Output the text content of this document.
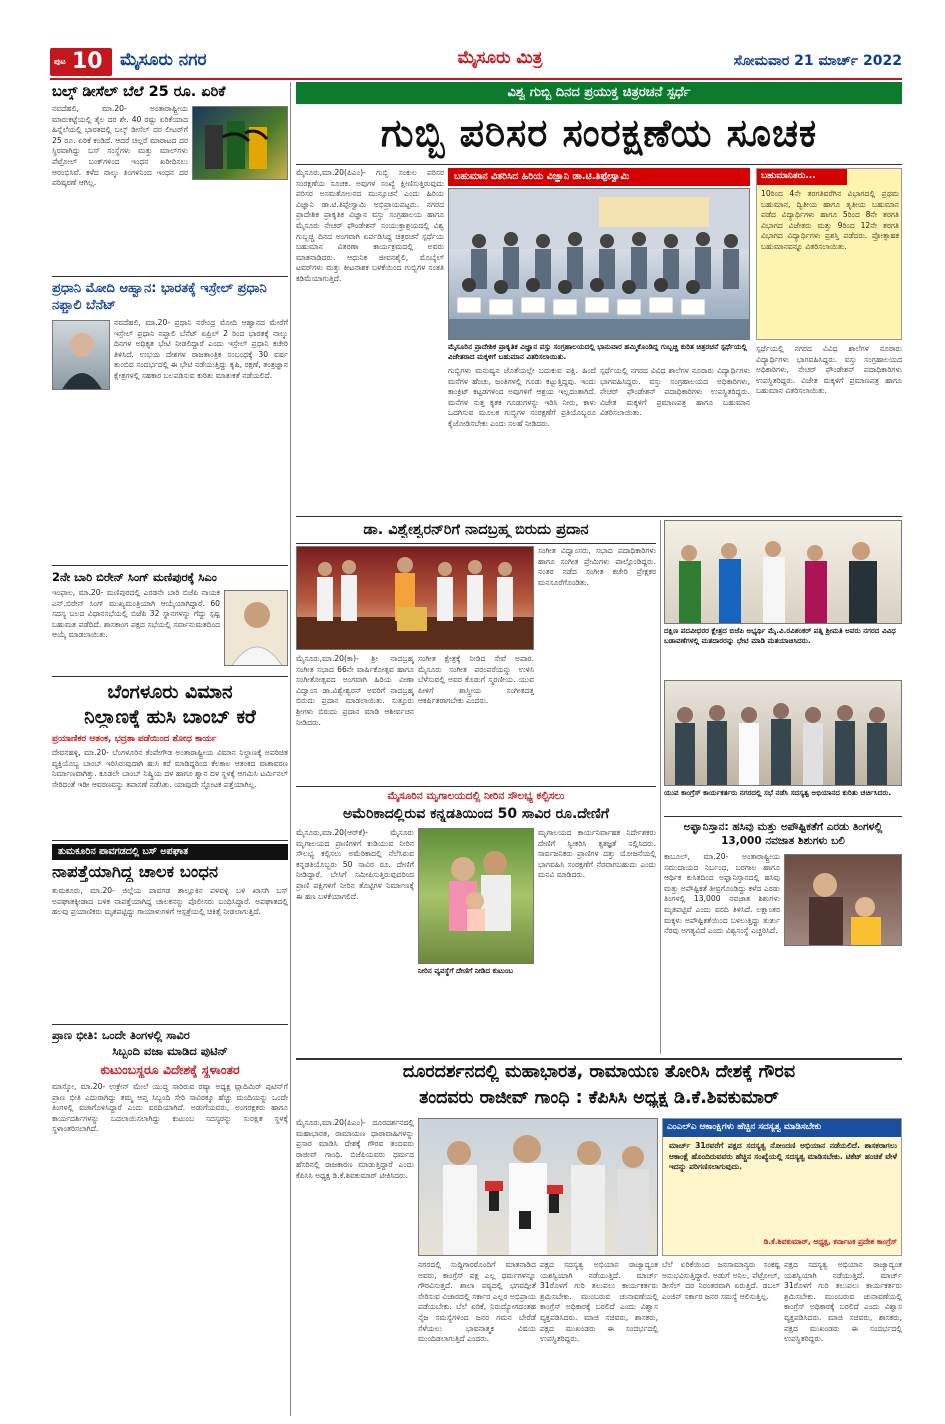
ಪುಟ 10 ಮೈಸೂರು ನಗರ	ಮೈಸೂರು ಮಿತ್ರ	ಸೋಮವಾರ 21 ಮಾರ್ಚ್ 2022
ಬಲ್ಕ್ ಡೀಸೆಲ್ ಬೆಲೆ 25 ರೂ. ಏರಿಕೆ
ನವದೆಹಲಿ, ಮಾ.20- ಅಂತಾರಾಷ್ಟ್ರೀಯ ಮಾರುಕಟ್ಟೆಯಲ್ಲಿ ತೈಲ ದರ ಶೇ. 40 ರಷ್ಟು ಏರಿಕೆಯಾದ ಹಿನ್ನೆಲೆಯಲ್ಲಿ ಭಾರತದಲ್ಲಿ ಬಲ್ಕ್ ಡೀಸೆಲ್ ದರ ಲೀಟರ್‌ಗೆ 25 ರೂ. ಏರಿಕೆ ಕಂಡಿದೆ. ಆದರೆ ಚಿಲ್ಲರೆ ಮಾರಾಟದ ದರ ಸ್ಥಿರವಾಗಿದ್ದು ಬಸ್ ಸಂಸ್ಥೆಗಳು ಮತ್ತು ಮಾಲ್‌ಗಳು ಪೆಟ್ರೋಲ್ ಬಂಕ್‌ಗಳಿಂದ ಇಂಧನ ಖರೀದಿಸಲು ಆರಂಭಿಸಿವೆ. ಕಳೆದ ನಾಲ್ಕು ತಿಂಗಳಿನಿಂದ ಇಂಧನ ದರ ಪರಿಷ್ಕರಣೆ ಆಗಿಲ್ಲ.
ಪ್ರಧಾನಿ ಮೋದಿ ಆಹ್ವಾನ: ಭಾರತಕ್ಕೆ ಇಸ್ರೇಲ್ ಪ್ರಧಾನಿ ನಫ್ತಾಲಿ ಬೆನೆಟ್
ನವದೆಹಲಿ, ಮಾ.20- ಪ್ರಧಾನಿ ನರೇಂದ್ರ ಮೋದಿ ಆಹ್ವಾನದ ಮೇರೆಗೆ ಇಸ್ರೇಲ್ ಪ್ರಧಾನಿ ನಫ್ತಾಲಿ ಬೆನೆಟ್ ಏಪ್ರಿಲ್ 2 ರಿಂದ ಭಾರತಕ್ಕೆ ನಾಲ್ಕು ದಿನಗಳ ಅಧಿಕೃತ ಭೇಟಿ ನೀಡಲಿದ್ದಾರೆ ಎಂದು ಇಸ್ರೇಲ್ ಪ್ರಧಾನಿ ಕಚೇರಿ ತಿಳಿಸಿದೆ. ಉಭಯ ದೇಶಗಳ ರಾಜತಾಂತ್ರಿಕ ಸಂಬಂಧಕ್ಕೆ 30 ವರ್ಷ ತುಂಬಿದ ಸಂದರ್ಭದಲ್ಲಿ ಈ ಭೇಟಿ ನಡೆಯುತ್ತಿದ್ದು ಕೃಷಿ, ರಕ್ಷಣೆ, ತಂತ್ರಜ್ಞಾನ ಕ್ಷೇತ್ರಗಳಲ್ಲಿ ಸಹಕಾರ ಬಲಪಡಿಸುವ ಕುರಿತು ಮಾತುಕತೆ ನಡೆಯಲಿದೆ.
2ನೇ ಬಾರಿ ಬಿರೇನ್ ಸಿಂಗ್ ಮಣಿಪುರಕ್ಕೆ ಸಿಎಂ
ಇಂಫಾಲ, ಮಾ.20- ಮಣಿಪುರದಲ್ಲಿ ಎರಡನೇ ಬಾರಿ ಬಿಜೆಪಿ ನಾಯಕ ಎನ್.ಬಿರೇನ್ ಸಿಂಗ್ ಮುಖ್ಯಮಂತ್ರಿಯಾಗಿ ಆಯ್ಕೆಯಾಗಿದ್ದಾರೆ. 60 ಸದಸ್ಯ ಬಲದ ವಿಧಾನಸಭೆಯಲ್ಲಿ ಬಿಜೆಪಿ 32 ಸ್ಥಾನಗಳನ್ನು ಗೆದ್ದು ಸ್ಪಷ್ಟ ಬಹುಮತ ಪಡೆದಿದೆ. ಶಾಸಕಾಂಗ ಪಕ್ಷದ ಸಭೆಯಲ್ಲಿ ಸರ್ವಾನುಮತದಿಂದ ಆಯ್ಕೆ ಮಾಡಲಾಯಿತು.
ಬೆಂಗಳೂರು ವಿಮಾನ
ನಿಲ್ದಾಣಕ್ಕೆ ಹುಸಿ ಬಾಂಬ್ ಕರೆ
ಪ್ರಯಾಣಿಕರ ಆತಂಕ, ಭದ್ರತಾ ಪಡೆಯಿಂದ ಶೋಧ ಕಾರ್ಯ
ದೇವನಹಳ್ಳಿ, ಮಾ.20- ಬೆಂಗಳೂರಿನ ಕೆಂಪೇಗೌಡ ಅಂತಾರಾಷ್ಟ್ರೀಯ ವಿಮಾನ ನಿಲ್ದಾಣಕ್ಕೆ ಅಪರಿಚಿತ ವ್ಯಕ್ತಿಯೊಬ್ಬ ಬಾಂಬ್ ಇರಿಸಿರುವುದಾಗಿ ಹುಸಿ ಕರೆ ಮಾಡಿದ್ದರಿಂದ ಕೆಲಕಾಲ ಆತಂಕದ ವಾತಾವರಣ ನಿರ್ಮಾಣವಾಗಿತ್ತು. ಕೂಡಲೇ ಬಾಂಬ್ ನಿಷ್ಕ್ರಿಯ ದಳ ಹಾಗೂ ಶ್ವಾನ ದಳ ಸ್ಥಳಕ್ಕೆ ಆಗಮಿಸಿ ಟರ್ಮಿನಲ್ ಸೇರಿದಂತೆ ಇಡೀ ಆವರಣವನ್ನು ತಪಾಸಣೆ ನಡೆಸಿತು. ಯಾವುದೇ ಸ್ಫೋಟಕ ಪತ್ತೆಯಾಗಿಲ್ಲ.
ತುಮಕೂರಿನ ಪಾವಗಡದಲ್ಲಿ ಬಸ್ ಅಪಘಾತ
ನಾಪತ್ತೆಯಾಗಿದ್ದ ಚಾಲಕ ಬಂಧನ
ತುಮಕೂರು, ಮಾ.20- ಜಿಲ್ಲೆಯ ಪಾವಗಡ ತಾಲ್ಲೂಕಿನ ಪಳವಳ್ಳಿ ಬಳಿ ಖಾಸಗಿ ಬಸ್ ಅಪಘಾತಕ್ಕೀಡಾದ ಬಳಿಕ ನಾಪತ್ತೆಯಾಗಿದ್ದ ಚಾಲಕನನ್ನು ಪೊಲೀಸರು ಬಂಧಿಸಿದ್ದಾರೆ. ಅಪಘಾತದಲ್ಲಿ ಹಲವು ಪ್ರಯಾಣಿಕರು ಮೃತಪಟ್ಟಿದ್ದು ಗಾಯಾಳುಗಳಿಗೆ ಆಸ್ಪತ್ರೆಯಲ್ಲಿ ಚಿಕಿತ್ಸೆ ನೀಡಲಾಗುತ್ತಿದೆ.
ಪ್ರಾಣ ಭೀತಿ: ಒಂದೇ ತಿಂಗಳಲ್ಲಿ ಸಾವಿರ
ಸಿಬ್ಬಂದಿ ವಜಾ ಮಾಡಿದ ಪುಟಿನ್
ಕುಟುಂಬಸ್ಥರೂ ವಿದೇಶಕ್ಕೆ ಸ್ಥಳಾಂತರ
ಮಾಸ್ಕೋ, ಮಾ.20- ಉಕ್ರೇನ್ ಮೇಲೆ ಯುದ್ಧ ಸಾರಿರುವ ರಷ್ಯಾ ಅಧ್ಯಕ್ಷ ವ್ಲಾದಿಮಿರ್ ಪುಟಿನ್‌ಗೆ ಪ್ರಾಣ ಭೀತಿ ಎದುರಾಗಿದ್ದು ತಮ್ಮ ಆಪ್ತ ಸಿಬ್ಬಂದಿ ಸೇರಿ ಸಾವಿರಕ್ಕೂ ಹೆಚ್ಚು ಮಂದಿಯನ್ನು ಒಂದೇ ತಿಂಗಳಲ್ಲಿ ವಜಾಗೊಳಿಸಿದ್ದಾರೆ ಎಂದು ವರದಿಯಾಗಿದೆ. ಅಡುಗೆಯವರು, ಅಂಗರಕ್ಷಕರು ಹಾಗೂ ಕಾರ್ಯದರ್ಶಿಗಳನ್ನು ಬದಲಾಯಿಸಲಾಗಿದ್ದು ಕುಟುಂಬ ಸದಸ್ಯರನ್ನು ಸುರಕ್ಷಿತ ಸ್ಥಳಕ್ಕೆ ಸ್ಥಳಾಂತರಿಸಲಾಗಿದೆ.
ವಿಶ್ವ ಗುಬ್ಬಿ ದಿನದ ಪ್ರಯುಕ್ತ ಚಿತ್ರರಚನೆ ಸ್ಪರ್ಧೆ
ಗುಬ್ಬಿ ಪರಿಸರ ಸಂರಕ್ಷಣೆಯ ಸೂಚಕ
ಮೈಸೂರು,ಮಾ.20(ಪಿಎಂ)- ಗುಬ್ಬಿ ಸಂಕುಲ ಪರಿಸರ ಸಂರಕ್ಷಣೆಯ ಸೂಚಕ. ಅವುಗಳ ಸಂಖ್ಯೆ ಕ್ಷೀಣಿಸುತ್ತಿರುವುದು ಪರಿಸರ ಅಸಮತೋಲನದ ಮುನ್ಸೂಚನೆ ಎಂದು ಹಿರಿಯ ವಿಜ್ಞಾನಿ ಡಾ.ಟಿ.ತಿಪ್ಪೇಸ್ವಾಮಿ ಅಭಿಪ್ರಾಯಪಟ್ಟರು. ನಗರದ ಪ್ರಾದೇಶಿಕ ಪ್ರಾಕೃತಿಕ ವಿಜ್ಞಾನ ವಸ್ತು ಸಂಗ್ರಹಾಲಯ ಹಾಗೂ ಮೈಸೂರು ನೇಚರ್ ಫೌಂಡೇಶನ್ ಸಂಯುಕ್ತಾಶ್ರಯದಲ್ಲಿ ವಿಶ್ವ ಗುಬ್ಬಚ್ಚಿ ದಿನದ ಅಂಗವಾಗಿ ಏರ್ಪಡಿಸಿದ್ದ ಚಿತ್ರರಚನೆ ಸ್ಪರ್ಧೆಯ ಬಹುಮಾನ ವಿತರಣಾ ಕಾರ್ಯಕ್ರಮದಲ್ಲಿ ಅವರು ಮಾತನಾಡಿದರು. ಆಧುನಿಕ ಜೀವನಶೈಲಿ, ಮೊಬೈಲ್ ಟವರ್‌ಗಳು ಮತ್ತು ಕೀಟನಾಶಕ ಬಳಕೆಯಿಂದ ಗುಬ್ಬಿಗಳ ಸಂತತಿ ಕಡಿಮೆಯಾಗುತ್ತಿದೆ.
ಬಹುಮಾನ ವಿತರಿಸಿದ ಹಿರಿಯ ವಿಜ್ಞಾನಿ ಡಾ.ಟಿ.ತಿಪ್ಪೇಸ್ವಾಮಿ
ಮೈಸೂರಿನ ಪ್ರಾದೇಶಿಕ ಪ್ರಾಕೃತಿಕ ವಿಜ್ಞಾನ ವಸ್ತು ಸಂಗ್ರಹಾಲಯದಲ್ಲಿ ಭಾನುವಾರ ಹಮ್ಮಿಕೊಂಡಿದ್ದ ಗುಬ್ಬಚ್ಚಿ ಕುರಿತ ಚಿತ್ರರಚನೆ ಸ್ಪರ್ಧೆಯಲ್ಲಿ ವಿಜೇತರಾದ ಮಕ್ಕಳಿಗೆ ಬಹುಮಾನ ವಿತರಿಸಲಾಯಿತು.
ಗುಬ್ಬಿಗಳು ಮನುಷ್ಯನ ಜೊತೆಯಲ್ಲೇ ಬದುಕುವ ಪಕ್ಷಿ. ಹಿಂದೆ ಮನೆಗಳ ಹೆಂಚು, ಜಂತಿಗಳಲ್ಲಿ ಗೂಡು ಕಟ್ಟುತ್ತಿದ್ದವು. ಇಂದು ಕಾಂಕ್ರಿಟ್ ಕಟ್ಟಡಗಳಿಂದ ಅವುಗಳಿಗೆ ಆಶ್ರಯ ಇಲ್ಲದಂತಾಗಿದೆ. ಮನೆಗಳ ಸುತ್ತ ಕೃತಕ ಗೂಡುಗಳನ್ನು ಇರಿಸಿ ನೀರು, ಕಾಳು ಒದಗಿಸುವ ಮೂಲಕ ಗುಬ್ಬಿಗಳ ಸಂರಕ್ಷಣೆಗೆ ಪ್ರತಿಯೊಬ್ಬರೂ ಕೈಜೋಡಿಸಬೇಕು ಎಂದು ಸಲಹೆ ನೀಡಿದರು.
ಸ್ಪರ್ಧೆಯಲ್ಲಿ ನಗರದ ವಿವಿಧ ಶಾಲೆಗಳ ನೂರಾರು ವಿದ್ಯಾರ್ಥಿಗಳು ಭಾಗವಹಿಸಿದ್ದರು. ವಸ್ತು ಸಂಗ್ರಹಾಲಯದ ಅಧಿಕಾರಿಗಳು, ನೇಚರ್ ಫೌಂಡೇಶನ್ ಪದಾಧಿಕಾರಿಗಳು ಉಪಸ್ಥಿತರಿದ್ದರು. ವಿಜೇತ ಮಕ್ಕಳಿಗೆ ಪ್ರಮಾಣಪತ್ರ ಹಾಗೂ ಬಹುಮಾನ ವಿತರಿಸಲಾಯಿತು.
ಬಹುಮಾನಿತರು...
10ರಿಂದ 4ನೇ ತರಗತಿವರೆಗಿನ ವಿಭಾಗದಲ್ಲಿ ಪ್ರಥಮ ಬಹುಮಾನ, ದ್ವಿತೀಯ ಹಾಗೂ ತೃತೀಯ ಬಹುಮಾನ ಪಡೆದ ವಿದ್ಯಾರ್ಥಿಗಳು ಹಾಗೂ 5ರಿಂದ 8ನೇ ತರಗತಿ ವಿಭಾಗದ ವಿಜೇತರು ಮತ್ತು 9ರಿಂದ 12ನೇ ತರಗತಿ ವಿಭಾಗದ ವಿದ್ಯಾರ್ಥಿಗಳು ಪ್ರಶಸ್ತಿ ಪಡೆದರು. ಪ್ರೋತ್ಸಾಹಕ ಬಹುಮಾನವನ್ನೂ ವಿತರಿಸಲಾಯಿತು.
ಸ್ಪರ್ಧೆಯಲ್ಲಿ ನಗರದ ವಿವಿಧ ಶಾಲೆಗಳ ನೂರಾರು ವಿದ್ಯಾರ್ಥಿಗಳು ಭಾಗವಹಿಸಿದ್ದರು. ವಸ್ತು ಸಂಗ್ರಹಾಲಯದ ಅಧಿಕಾರಿಗಳು, ನೇಚರ್ ಫೌಂಡೇಶನ್ ಪದಾಧಿಕಾರಿಗಳು ಉಪಸ್ಥಿತರಿದ್ದರು. ವಿಜೇತ ಮಕ್ಕಳಿಗೆ ಪ್ರಮಾಣಪತ್ರ ಹಾಗೂ ಬಹುಮಾನ ವಿತರಿಸಲಾಯಿತು.
ಡಾ. ವಿಶ್ವೇಶ್ವರನ್‌ರಿಗೆ ನಾದಬ್ರಹ್ಮ ಬಿರುದು ಪ್ರದಾನ
ಮೈಸೂರು,ಮಾ.20(ಕಾ)- ಶ್ರೀ ನಾದಬ್ರಹ್ಮ ಸಂಗೀತ ಸಭಾದ 66ನೇ ವಾರ್ಷಿಕೋತ್ಸವ ಹಾಗೂ ಸಂಗೀತೋತ್ಸವದ ಅಂಗವಾಗಿ ಹಿರಿಯ ವೀಣಾ ವಿದ್ವಾಂಸ ಡಾ.ವಿಶ್ವೇಶ್ವರನ್ ಅವರಿಗೆ ನಾದಬ್ರಹ್ಮ ಬಿರುದು ಪ್ರದಾನ ಮಾಡಲಾಯಿತು. ಸುತ್ತೂರು ಶ್ರೀಗಳು ಬಿರುದು ಪ್ರದಾನ ಮಾಡಿ ಆಶೀರ್ವಚನ ನೀಡಿದರು.
ಸಂಗೀತ ಕ್ಷೇತ್ರಕ್ಕೆ ನೀಡಿದ ಸೇವೆ ಅಪಾರ. ಮೈಸೂರು ಸಂಗೀತ ಪರಂಪರೆಯನ್ನು ಉಳಿಸಿ ಬೆಳೆಸುವಲ್ಲಿ ಅವರ ಕೊಡುಗೆ ಸ್ಮರಣೀಯ. ಯುವ ಪೀಳಿಗೆ ಶಾಸ್ತ್ರೀಯ ಸಂಗೀತದತ್ತ ಆಕರ್ಷಿತರಾಗಬೇಕು ಎಂದರು.
ಸಂಗೀತ ವಿದ್ವಾಂಸರು, ಸಭಾದ ಪದಾಧಿಕಾರಿಗಳು ಹಾಗೂ ಸಂಗೀತ ಪ್ರೇಮಿಗಳು ಪಾಲ್ಗೊಂಡಿದ್ದರು. ನಂತರ ನಡೆದ ಸಂಗೀತ ಕಚೇರಿ ಪ್ರೇಕ್ಷಕರ ಮನಸೂರೆಗೊಂಡಿತು.
ಮೈಸೂರಿನ ಮೃಗಾಲಯದಲ್ಲಿ ನೀರಿನ ಸೌಲಭ್ಯ ಕಲ್ಪಿಸಲು
ಅಮೆರಿಕಾದಲ್ಲಿರುವ ಕನ್ನಡತಿಯಿಂದ 50 ಸಾವಿರ ರೂ.ದೇಣಿಗೆ
ಮೈಸೂರು,ಮಾ.20(ಆರ್‌ಕೆ)- ಮೈಸೂರು ಮೃಗಾಲಯದ ಪ್ರಾಣಿಗಳಿಗೆ ಕುಡಿಯುವ ನೀರಿನ ಸೌಲಭ್ಯ ಕಲ್ಪಿಸಲು ಅಮೆರಿಕಾದಲ್ಲಿ ನೆಲೆಸಿರುವ ಕನ್ನಡತಿಯೊಬ್ಬರು 50 ಸಾವಿರ ರೂ. ದೇಣಿಗೆ ನೀಡಿದ್ದಾರೆ. ಬೇಸಿಗೆ ಸಮೀಪಿಸುತ್ತಿರುವುದರಿಂದ ಪ್ರಾಣಿ ಪಕ್ಷಿಗಳಿಗೆ ನೀರಿನ ತೊಟ್ಟಿಗಳ ನಿರ್ಮಾಣಕ್ಕೆ ಈ ಹಣ ಬಳಕೆಯಾಗಲಿದೆ.
ನೀರಿನ ವ್ಯವಸ್ಥೆಗೆ ದೇಣಿಗೆ ನೀಡಿದ ಕುಟುಂಬ
ಮೃಗಾಲಯದ ಕಾರ್ಯನಿರ್ವಾಹಕ ನಿರ್ದೇಶಕರು ದೇಣಿಗೆ ಸ್ವೀಕರಿಸಿ ಕೃತಜ್ಞತೆ ಸಲ್ಲಿಸಿದರು. ಸಾರ್ವಜನಿಕರು ಪ್ರಾಣಿಗಳ ದತ್ತು ಯೋಜನೆಯಲ್ಲಿ ಭಾಗವಹಿಸಿ ಸಂರಕ್ಷಣೆಗೆ ನೆರವಾಗಬಹುದು ಎಂದು ಮನವಿ ಮಾಡಿದರು.
ದಕ್ಷಿಣ ಪದವೀಧರರ ಕ್ಷೇತ್ರದ ಬಿಜೆಪಿ ಅಭ್ಯರ್ಥಿ ಮೈ.ವಿ.ರವಿಶಂಕರ್ ಪತ್ನಿ ಶ್ರೀಮತಿ ಅವರು ನಗರದ ವಿವಿಧ ಬಡಾವಣೆಗಳಲ್ಲಿ ಮತದಾರರನ್ನು ಭೇಟಿ ಮಾಡಿ ಮತಯಾಚಿಸಿದರು.
ಯುವ ಕಾಂಗ್ರೆಸ್ ಕಾರ್ಯಕರ್ತರು ನಗರದಲ್ಲಿ ಸಭೆ ನಡೆಸಿ ಸದಸ್ಯತ್ವ ಅಭಿಯಾನದ ಕುರಿತು ಚರ್ಚಿಸಿದರು.
ಅಫ್ಘಾನಿಸ್ತಾನ: ಹಸಿವು ಮತ್ತು ಅಪೌಷ್ಟಿಕತೆಗೆ ಎರಡು ತಿಂಗಳಲ್ಲಿ 13,000 ನವಜಾತ ಶಿಶುಗಳು ಬಲಿ
ಕಾಬೂಲ್, ಮಾ.20- ಅಂತಾರಾಷ್ಟ್ರೀಯ ಸಮುದಾಯದ ನಿರ್ಬಂಧ, ಬರಗಾಲ ಹಾಗೂ ಆರ್ಥಿಕ ಕುಸಿತದಿಂದ ಅಫ್ಘಾನಿಸ್ತಾನದಲ್ಲಿ ಹಸಿವು ಮತ್ತು ಅಪೌಷ್ಟಿಕತೆ ತೀವ್ರಗೊಂಡಿದ್ದು ಕಳೆದ ಎರಡು ತಿಂಗಳಲ್ಲಿ 13,000 ನವಜಾತ ಶಿಶುಗಳು ಮೃತಪಟ್ಟಿವೆ ಎಂದು ವರದಿ ತಿಳಿಸಿದೆ. ಲಕ್ಷಾಂತರ ಮಕ್ಕಳು ಅಪೌಷ್ಟಿಕತೆಯಿಂದ ಬಳಲುತ್ತಿದ್ದು ತುರ್ತು ನೆರವು ಅಗತ್ಯವಿದೆ ಎಂದು ವಿಶ್ವಸಂಸ್ಥೆ ಎಚ್ಚರಿಸಿದೆ.
ದೂರದರ್ಶನದಲ್ಲಿ ಮಹಾಭಾರತ, ರಾಮಾಯಣ ತೋರಿಸಿ ದೇಶಕ್ಕೆ ಗೌರವ
ತಂದವರು ರಾಜೀವ್ ಗಾಂಧಿ : ಕೆಪಿಸಿಸಿ ಅಧ್ಯಕ್ಷ ಡಿ.ಕೆ.ಶಿವಕುಮಾರ್
ಮೈಸೂರು,ಮಾ.20(ಪಿಎಂ)- ದೂರದರ್ಶನದಲ್ಲಿ ಮಹಾಭಾರತ, ರಾಮಾಯಣ ಧಾರಾವಾಹಿಗಳನ್ನು ಪ್ರಸಾರ ಮಾಡಿಸಿ ದೇಶಕ್ಕೆ ಗೌರವ ತಂದವರು ರಾಜೀವ್ ಗಾಂಧಿ. ಬಿಜೆಪಿಯವರು ಧರ್ಮದ ಹೆಸರಿನಲ್ಲಿ ರಾಜಕಾರಣ ಮಾಡುತ್ತಿದ್ದಾರೆ ಎಂದು ಕೆಪಿಸಿಸಿ ಅಧ್ಯಕ್ಷ ಡಿ.ಕೆ.ಶಿವಕುಮಾರ್ ಟೀಕಿಸಿದರು.
ನಗರದಲ್ಲಿ ಸುದ್ದಿಗಾರರೊಂದಿಗೆ ಮಾತನಾಡಿದ ಅವರು, ಕಾಂಗ್ರೆಸ್ ಪಕ್ಷ ಎಲ್ಲ ಧರ್ಮಗಳನ್ನೂ ಗೌರವಿಸುತ್ತದೆ. ಶಾಲಾ ಪಠ್ಯದಲ್ಲಿ ಭಗವದ್ಗೀತೆ ಸೇರಿಸುವ ವಿಚಾರದಲ್ಲಿ ಸರ್ಕಾರ ಎಲ್ಲರ ಅಭಿಪ್ರಾಯ ಪಡೆಯಬೇಕು. ಬೆಲೆ ಏರಿಕೆ, ನಿರುದ್ಯೋಗದಂತಹ ನೈಜ ಸಮಸ್ಯೆಗಳಿಂದ ಜನರ ಗಮನ ಬೇರೆಡೆ ಸೆಳೆಯಲು ಭಾವನಾತ್ಮಕ ವಿಷಯ ಮುಂದಿಡಲಾಗುತ್ತಿದೆ ಎಂದರು.
ಪಕ್ಷದ ಸದಸ್ಯತ್ವ ಅಭಿಯಾನ ರಾಜ್ಯಾದ್ಯಂತ ಯಶಸ್ವಿಯಾಗಿ ನಡೆಯುತ್ತಿದೆ. ಮಾರ್ಚ್ 31ರೊಳಗೆ ಗುರಿ ತಲುಪಲು ಕಾರ್ಯಕರ್ತರು ಶ್ರಮಿಸಬೇಕು. ಮುಂಬರುವ ಚುನಾವಣೆಯಲ್ಲಿ ಕಾಂಗ್ರೆಸ್ ಅಧಿಕಾರಕ್ಕೆ ಬರಲಿದೆ ಎಂದು ವಿಶ್ವಾಸ ವ್ಯಕ್ತಪಡಿಸಿದರು. ಮಾಜಿ ಸಚಿವರು, ಶಾಸಕರು, ಪಕ್ಷದ ಮುಖಂಡರು ಈ ಸಂದರ್ಭದಲ್ಲಿ ಉಪಸ್ಥಿತರಿದ್ದರು.
ಎಂಎಲ್‌ಎ ಆಕಾಂಕ್ಷಿಗಳು ಹೆಚ್ಚಿನ ಸದಸ್ಯತ್ವ ಮಾಡಿಸಬೇಕು
ಮಾರ್ಚ್ 31ರವರೆಗೆ ಪಕ್ಷದ ಸದಸ್ಯತ್ವ ನೋಂದಣಿ ಅಭಿಯಾನ ನಡೆಯಲಿದೆ. ಶಾಸಕರಾಗಲು ಆಕಾಂಕ್ಷೆ ಹೊಂದಿರುವವರು ಹೆಚ್ಚಿನ ಸಂಖ್ಯೆಯಲ್ಲಿ ಸದಸ್ಯತ್ವ ಮಾಡಿಸಬೇಕು. ಟಿಕೆಟ್ ಹಂಚಿಕೆ ವೇಳೆ ಇದನ್ನು ಪರಿಗಣಿಸಲಾಗುವುದು.
ಡಿ.ಕೆ.ಶಿವಕುಮಾರ್, ಅಧ್ಯಕ್ಷ, ಕರ್ನಾಟಕ ಪ್ರದೇಶ ಕಾಂಗ್ರೆಸ್
ಬೆಲೆ ಏರಿಕೆಯಿಂದ ಜನಸಾಮಾನ್ಯರು ಸಂಕಷ್ಟ ಅನುಭವಿಸುತ್ತಿದ್ದಾರೆ. ಅಡುಗೆ ಅನಿಲ, ಪೆಟ್ರೋಲ್, ಡೀಸೆಲ್ ದರ ನಿರಂತರವಾಗಿ ಏರುತ್ತಿದೆ. ಡಬಲ್ ಎಂಜಿನ್ ಸರ್ಕಾರ ಜನರ ಸಮಸ್ಯೆ ಆಲಿಸುತ್ತಿಲ್ಲ.
ಪಕ್ಷದ ಸದಸ್ಯತ್ವ ಅಭಿಯಾನ ರಾಜ್ಯಾದ್ಯಂತ ಯಶಸ್ವಿಯಾಗಿ ನಡೆಯುತ್ತಿದೆ. ಮಾರ್ಚ್ 31ರೊಳಗೆ ಗುರಿ ತಲುಪಲು ಕಾರ್ಯಕರ್ತರು ಶ್ರಮಿಸಬೇಕು. ಮುಂಬರುವ ಚುನಾವಣೆಯಲ್ಲಿ ಕಾಂಗ್ರೆಸ್ ಅಧಿಕಾರಕ್ಕೆ ಬರಲಿದೆ ಎಂದು ವಿಶ್ವಾಸ ವ್ಯಕ್ತಪಡಿಸಿದರು. ಮಾಜಿ ಸಚಿವರು, ಶಾಸಕರು, ಪಕ್ಷದ ಮುಖಂಡರು ಈ ಸಂದರ್ಭದಲ್ಲಿ ಉಪಸ್ಥಿತರಿದ್ದರು.
